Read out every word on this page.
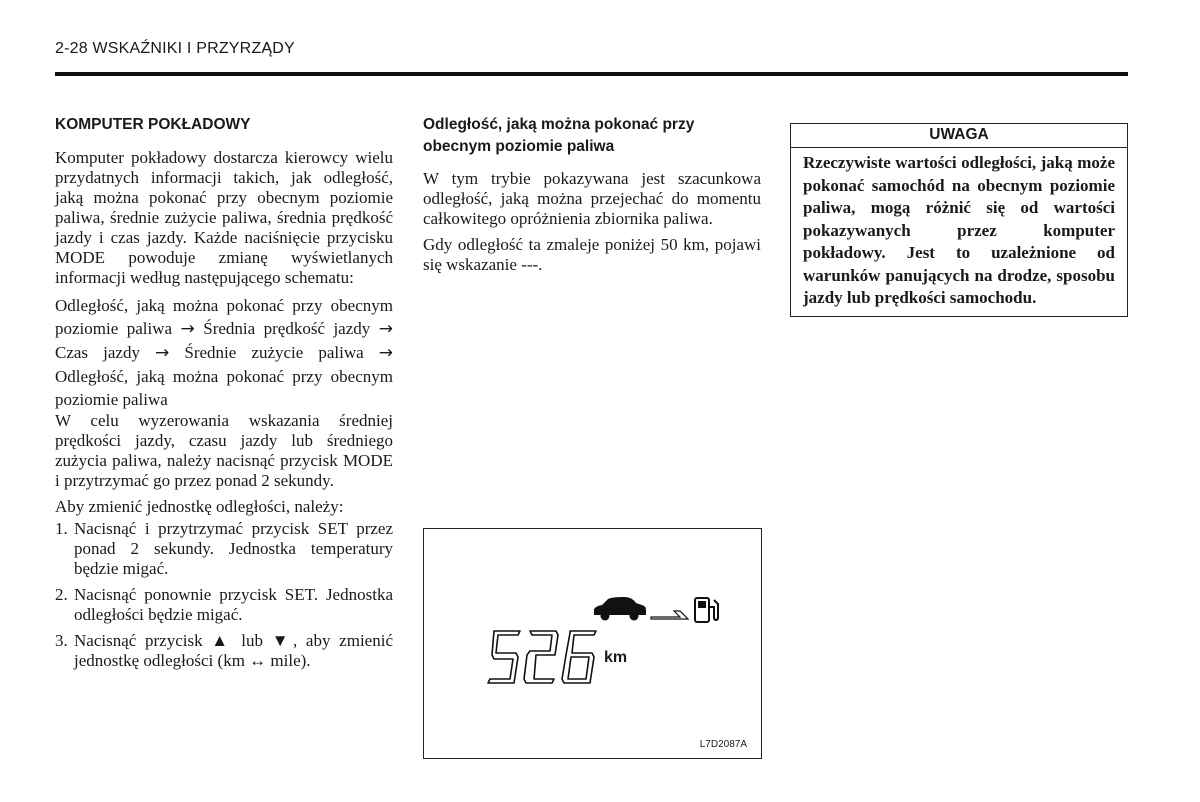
2-28 WSKAŹNIKI I PRZYRZĄDY
KOMPUTER POKŁADOWY

Komputer pokładowy dostarcza kierowcy wielu przydatnych informacji takich, jak odległość, jaką można pokonać przy obecnym poziomie paliwa, średnie zużycie paliwa, średnia prędkość jazdy i czas jazdy. Każde naciśnięcie przycisku MODE powoduje zmianę wyświetlanych informacji według następującego schematu:

Odległość, jaką można pokonać przy obecnym poziomie paliwa → Średnia prędkość jazdy → Czas jazdy → Średnie zużycie paliwa → Odległość, jaką można pokonać przy obecnym poziomie paliwa

W celu wyzerowania wskazania średniej prędkości jazdy, czasu jazdy lub średniego zużycia paliwa, należy nacisnąć przycisk MODE i przytrzymać go przez ponad 2 sekundy.

Aby zmienić jednostkę odległości, należy:

1. Nacisnąć i przytrzymać przycisk SET przez ponad 2 sekundy. Jednostka temperatury będzie migać.
2. Nacisnąć ponownie przycisk SET. Jednostka odległości będzie migać.
3. Nacisnąć przycisk ▲ lub ▼, aby zmienić jednostkę odległości (km ↔ mile).
Odległość, jaką można pokonać przy obecnym poziomie paliwa

W tym trybie pokazywana jest szacunkowa odległość, jaką można przejechać do momentu całkowitego opróżnienia zbiornika paliwa.

Gdy odległość ta zmaleje poniżej 50 km, pojawi się wskazanie ---.

UWAGA
Rzeczywiste wartości odległości, jaką może pokonać samochód na obecnym poziomie paliwa, mogą różnić się od wartości pokazywanych przez komputer pokładowy. Jest to uzależnione od warunków panujących na drodze, sposobu jazdy lub prędkości samochodu.
km
L7D2087A
